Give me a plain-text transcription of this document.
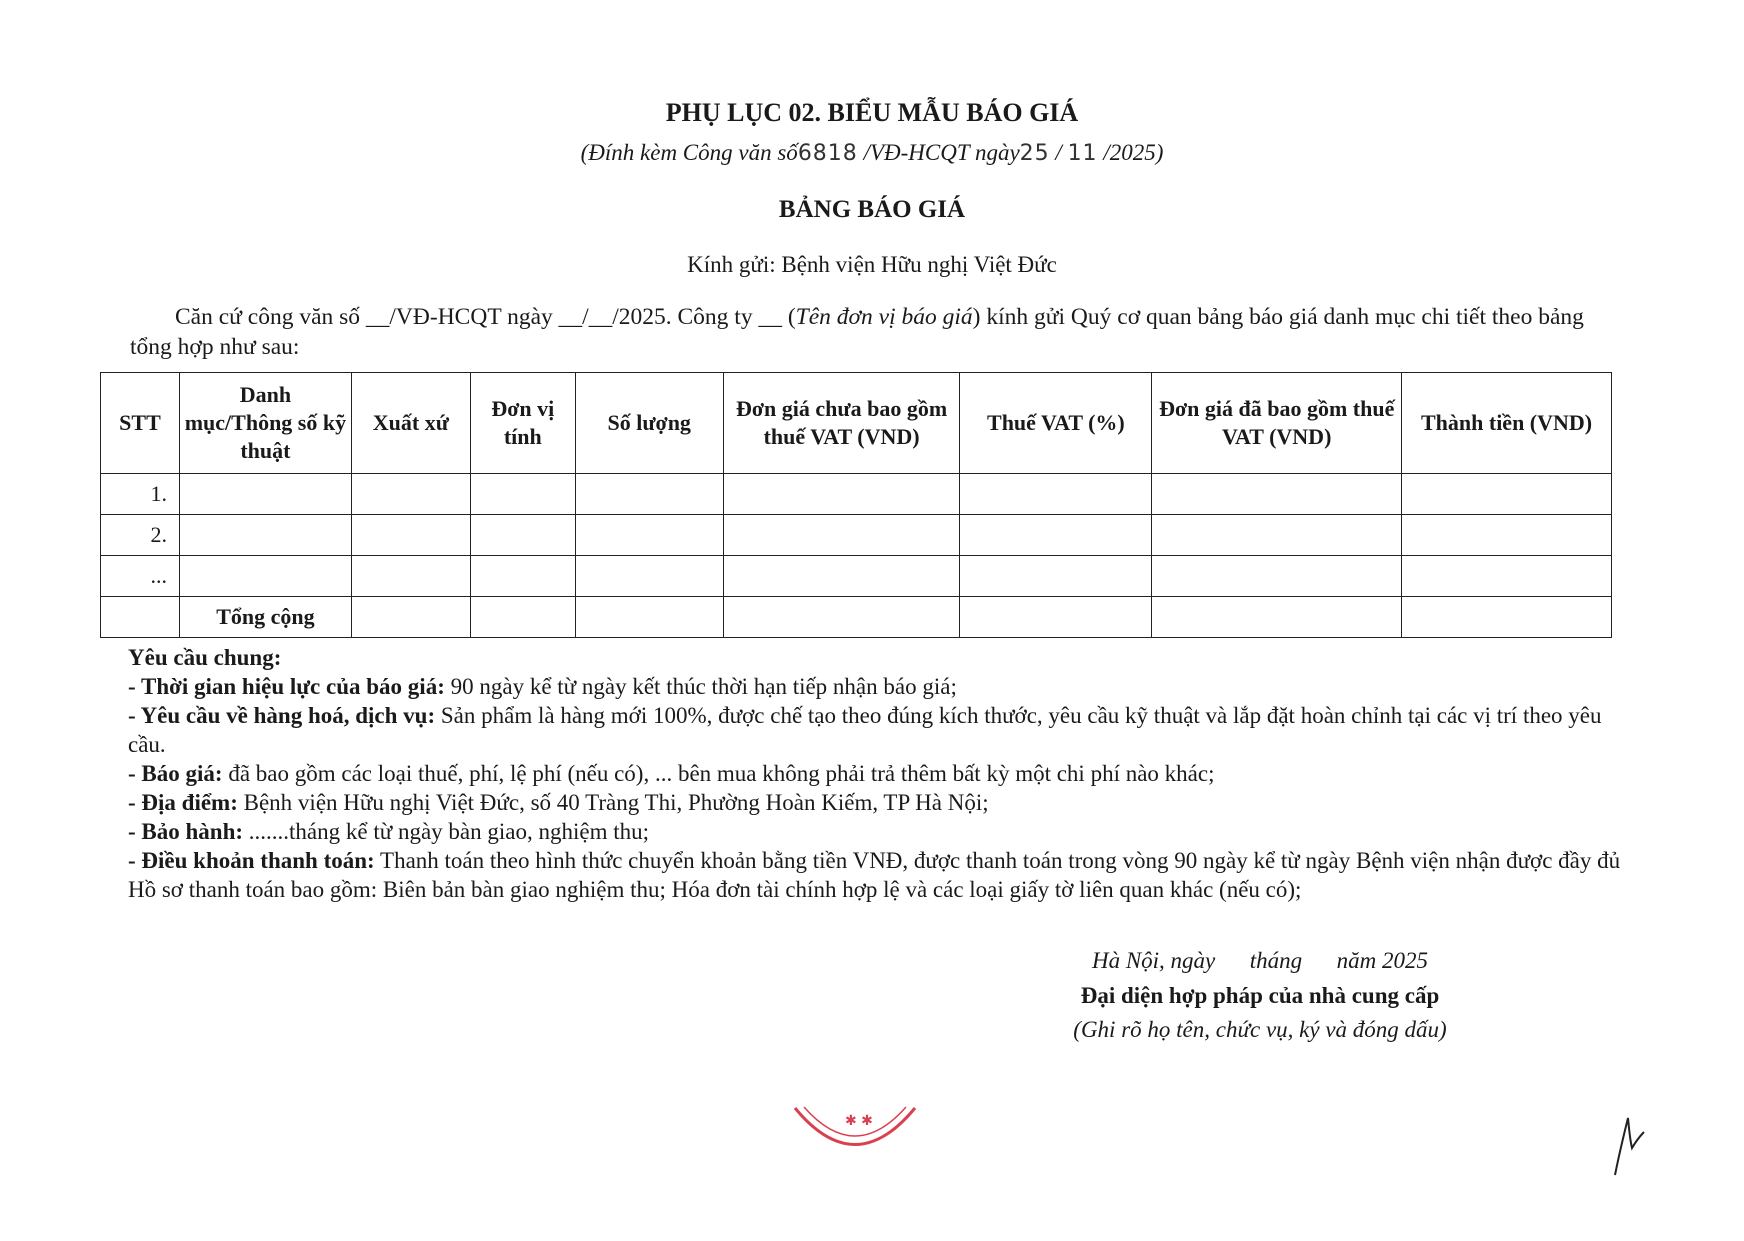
PHỤ LỤC 02. BIỂU MẪU BÁO GIÁ
(Đính kèm Công văn số6818 /VĐ-HCQT ngày25 / 11 /2025)
BẢNG BÁO GIÁ
Kính gửi: Bệnh viện Hữu nghị Việt Đức
Căn cứ công văn số __/VĐ-HCQT ngày __/__/2025. Công ty __ (Tên đơn vị báo giá) kính gửi Quý cơ quan bảng báo giá danh mục chi tiết theo bảng tổng hợp như sau:
STT	Danh mục/Thông số kỹ thuật	Xuất xứ	Đơn vị tính	Số lượng	Đơn giá chưa bao gồm thuế VAT (VND)	Thuế VAT (%)	Đơn giá đã bao gồm thuế VAT (VND)	Thành tiền (VND)
1.								
2.								
...								
	Tổng cộng							

Yêu cầu chung:

- Thời gian hiệu lực của báo giá: 90 ngày kể từ ngày kết thúc thời hạn tiếp nhận báo giá;

- Yêu cầu về hàng hoá, dịch vụ: Sản phẩm là hàng mới 100%, được chế tạo theo đúng kích thước, yêu cầu kỹ thuật và lắp đặt hoàn chỉnh tại các vị trí theo yêu cầu.

- Báo giá: đã bao gồm các loại thuế, phí, lệ phí (nếu có), ... bên mua không phải trả thêm bất kỳ một chi phí nào khác;

- Địa điểm: Bệnh viện Hữu nghị Việt Đức, số 40 Tràng Thi, Phường Hoàn Kiếm, TP Hà Nội;

- Bảo hành: .......tháng kể từ ngày bàn giao, nghiệm thu;

- Điều khoản thanh toán: Thanh toán theo hình thức chuyển khoản bằng tiền VNĐ, được thanh toán trong vòng 90 ngày kể từ ngày Bệnh viện nhận được đầy đủ Hồ sơ thanh toán bao gồm: Biên bản bàn giao nghiệm thu; Hóa đơn tài chính hợp lệ và các loại giấy tờ liên quan khác (nếu có);

Hà Nội, ngày      tháng      năm 2025
Đại diện hợp pháp của nhà cung cấp
(Ghi rõ họ tên, chức vụ, ký và đóng dấu)
✱ ✱
